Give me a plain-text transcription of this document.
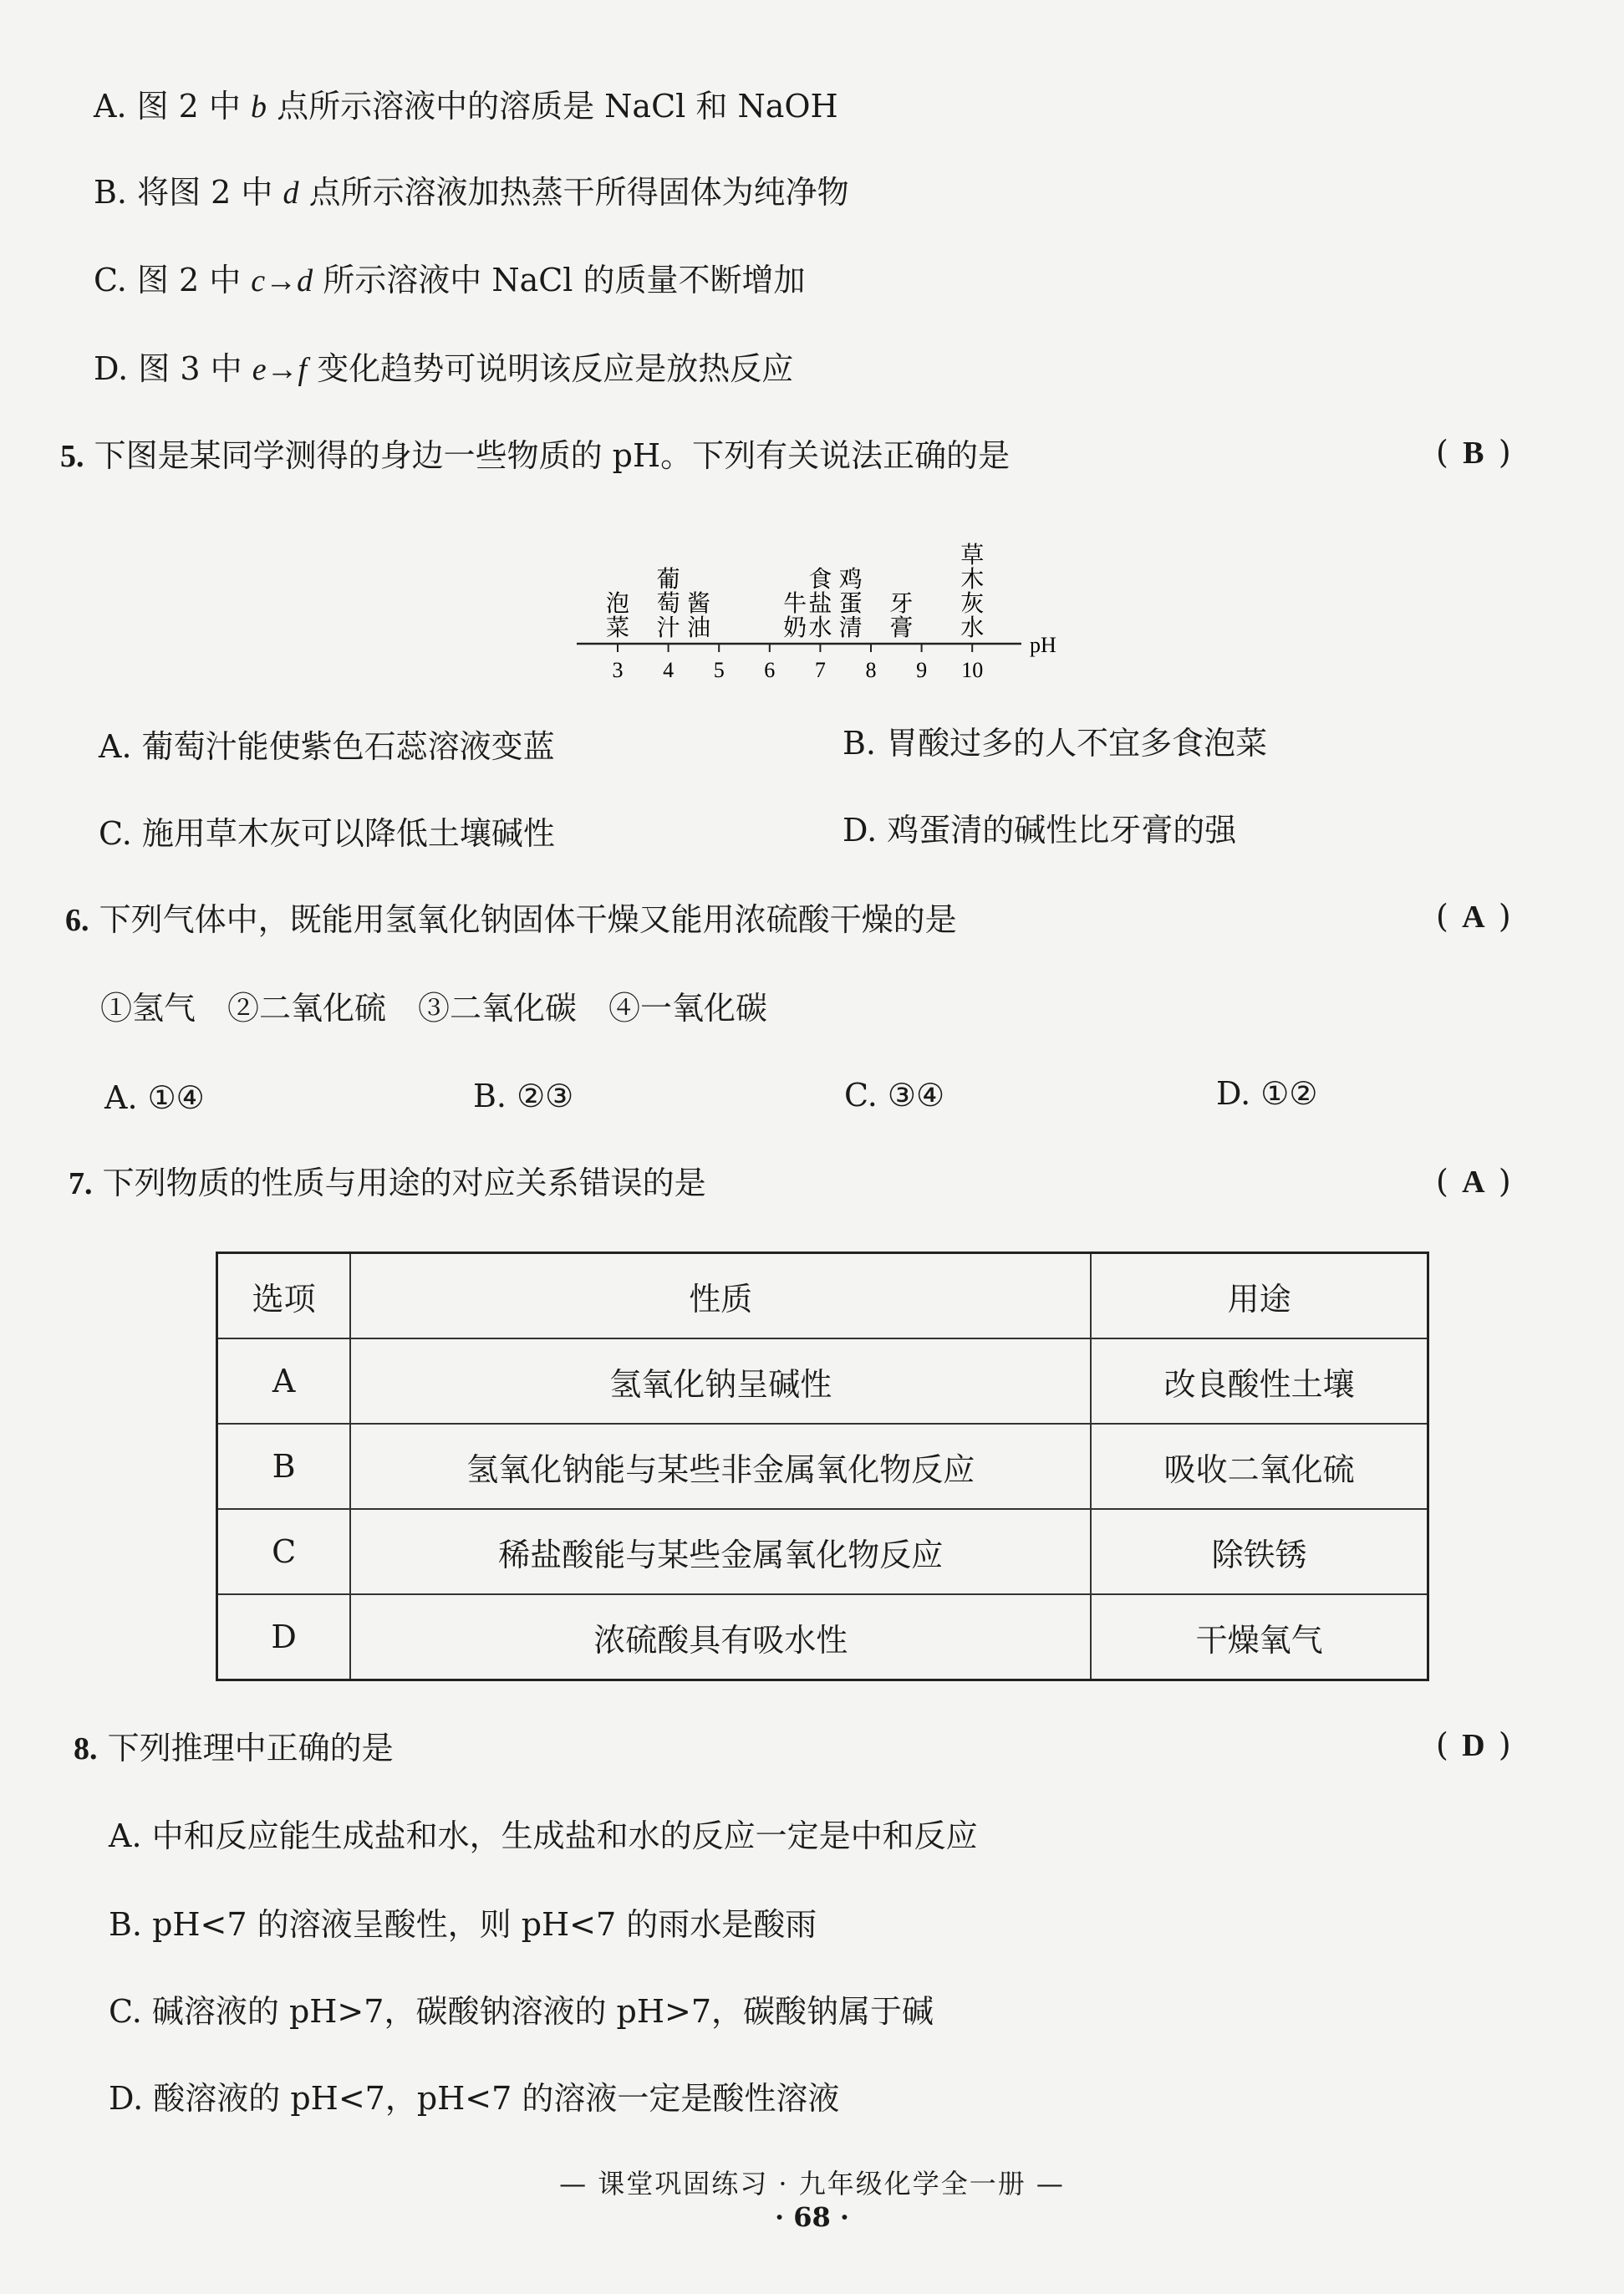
A. 图 2 中 b 点所示溶液中的溶质是 NaCl 和 NaOH
B. 将图 2 中 d 点所示溶液加热蒸干所得固体为纯净物
C. 图 2 中 c→d 所示溶液中 NaCl 的质量不断增加
D. 图 3 中 e→f 变化趋势可说明该反应是放热反应
5. 下图是某同学测得的身边一些物质的 pH。下列有关说法正确的是	( B )
3 4 5 6 7 8 9 10
泡菜
葡萄汁
酱油
牛奶
食盐水
鸡蛋清
牙膏
草木灰水
pH
A. 葡萄汁能使紫色石蕊溶液变蓝	B. 胃酸过多的人不宜多食泡菜
C. 施用草木灰可以降低土壤碱性	D. 鸡蛋清的碱性比牙膏的强
6. 下列气体中，既能用氢氧化钠固体干燥又能用浓硫酸干燥的是	( A )
①氢气　②二氧化硫　③二氧化碳　④一氧化碳
A. ①④	B. ②③	C. ③④	D. ①②
7. 下列物质的性质与用途的对应关系错误的是	( A )
选项	性质	用途
A	氢氧化钠呈碱性	改良酸性土壤
B	氢氧化钠能与某些非金属氧化物反应	吸收二氧化硫
C	稀盐酸能与某些金属氧化物反应	除铁锈
D	浓硫酸具有吸水性	干燥氧气
8. 下列推理中正确的是	( D )
A. 中和反应能生成盐和水，生成盐和水的反应一定是中和反应
B. pH<7 的溶液呈酸性，则 pH<7 的雨水是酸雨
C. 碱溶液的 pH>7，碳酸钠溶液的 pH>7，碳酸钠属于碱
D. 酸溶液的 pH<7，pH<7 的溶液一定是酸性溶液
— 课堂巩固练习 · 九年级化学全一册 —
· 68 ·
